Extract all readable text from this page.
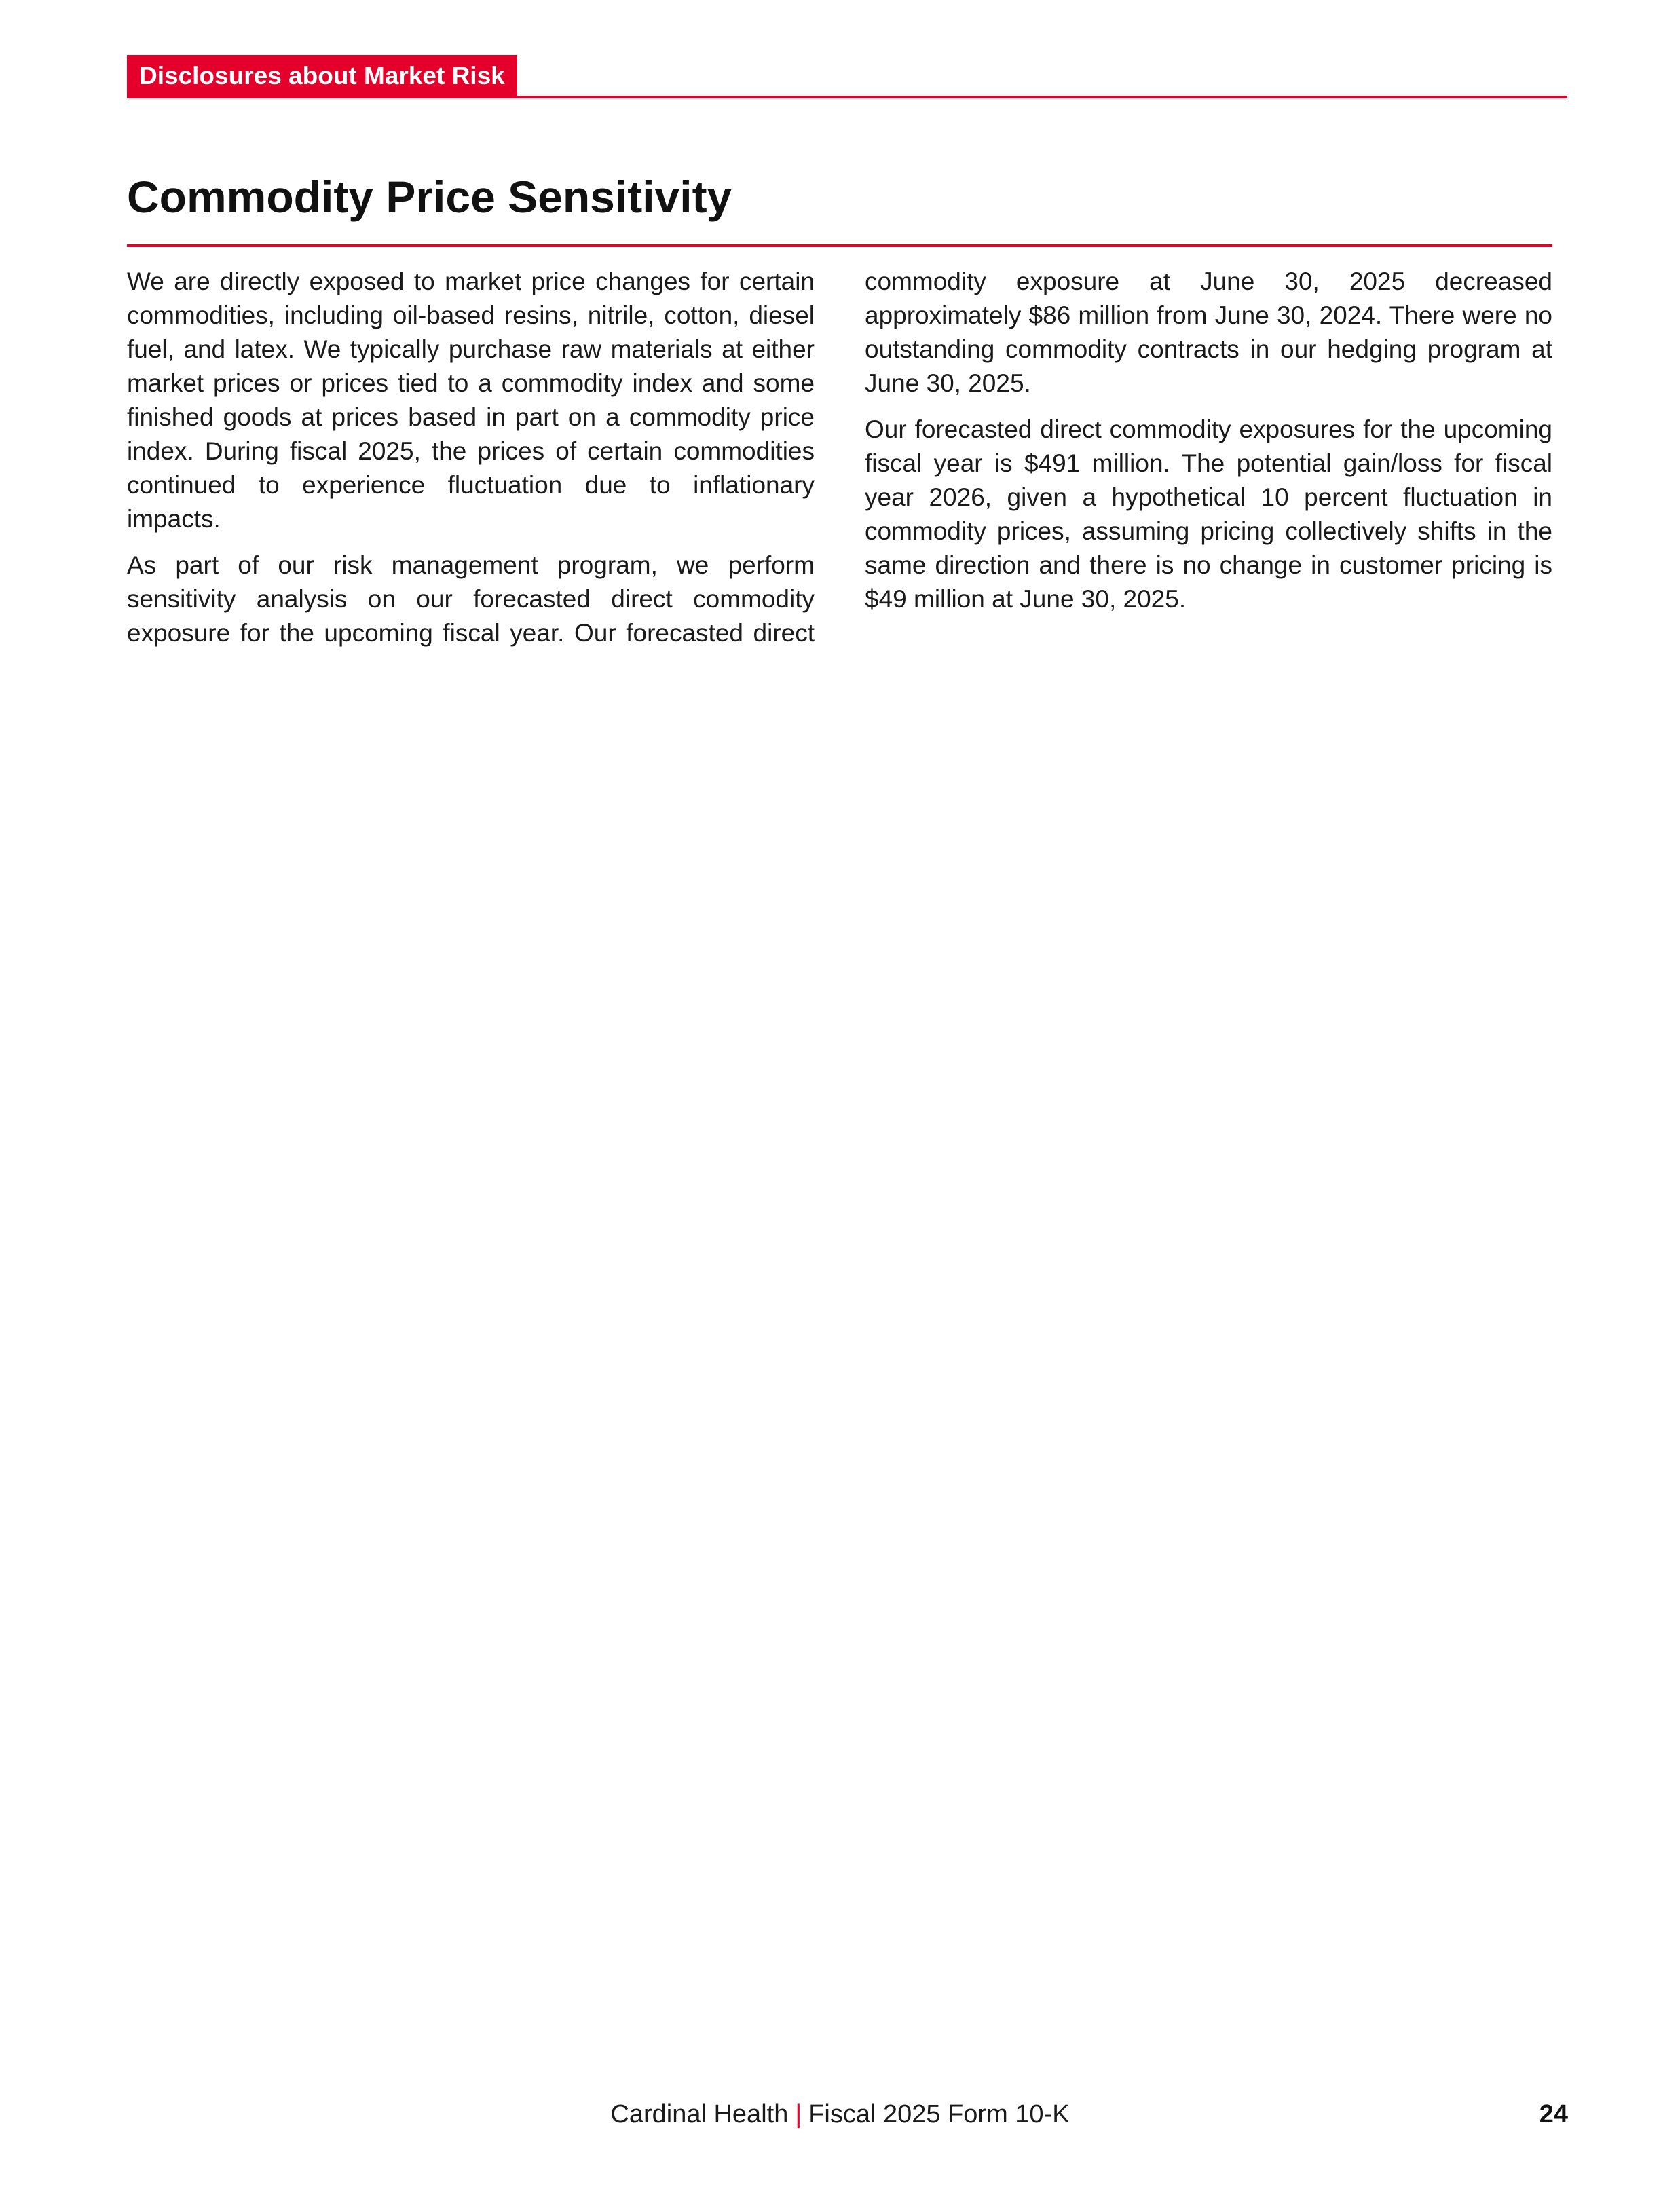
Disclosures about Market Risk
Commodity Price Sensitivity

We are directly exposed to market price changes for certain commodities, including oil-based resins, nitrile, cotton, diesel fuel, and latex. We typically purchase raw materials at either market prices or prices tied to a commodity index and some finished goods at prices based in part on a commodity price index. During fiscal 2025, the prices of certain commodities continued to experience fluctuation due to inflationary impacts.

As part of our risk management program, we perform sensitivity analysis on our forecasted direct commodity exposure for the upcoming fiscal year. Our forecasted direct

commodity exposure at June 30, 2025 decreased approximately $86 million from June 30, 2024. There were no outstanding commodity contracts in our hedging program at June 30, 2025.

Our forecasted direct commodity exposures for the upcoming fiscal year is $491 million. The potential gain/loss for fiscal year 2026, given a hypothetical 10 percent fluctuation in commodity prices, assuming pricing collectively shifts in the same direction and there is no change in customer pricing is $49 million at June 30, 2025.

Cardinal Health | Fiscal 2025 Form 10-K	24
